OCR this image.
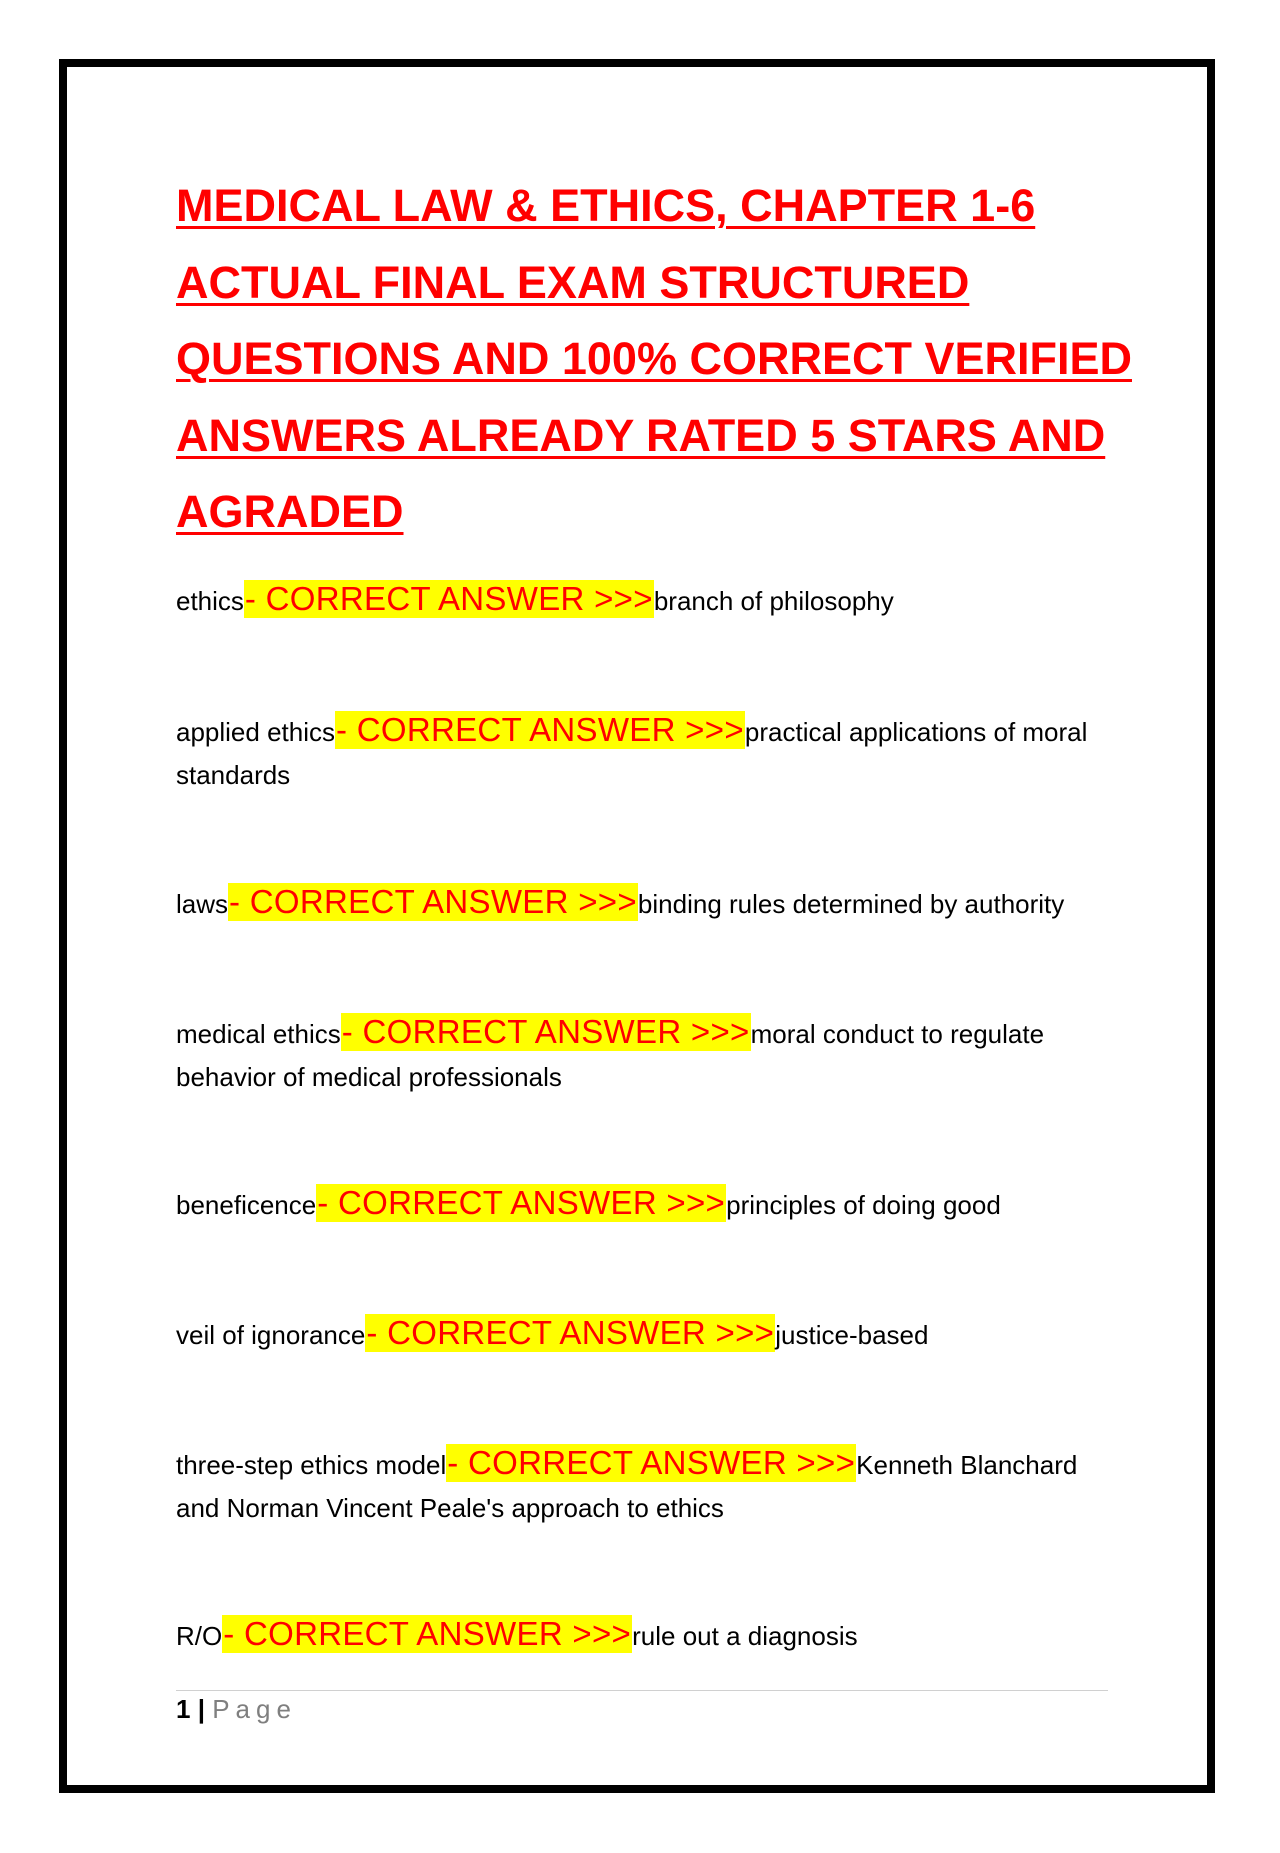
MEDICAL LAW & ETHICS, CHAPTER 1-6 ACTUAL FINAL EXAM STRUCTURED QUESTIONS AND 100% CORRECT VERIFIED ANSWERS ALREADY RATED 5 STARS AND AGRADED
ethics- CORRECT ANSWER >>>branch of philosophy
applied ethics- CORRECT ANSWER >>>practical applications of moral standards
laws- CORRECT ANSWER >>>binding rules determined by authority
medical ethics- CORRECT ANSWER >>>moral conduct to regulate behavior of medical professionals
beneficence- CORRECT ANSWER >>>principles of doing good
veil of ignorance- CORRECT ANSWER >>>justice-based
three-step ethics model- CORRECT ANSWER >>>Kenneth Blanchard and Norman Vincent Peale's approach to ethics
R/O- CORRECT ANSWER >>>rule out a diagnosis
1 | Page
